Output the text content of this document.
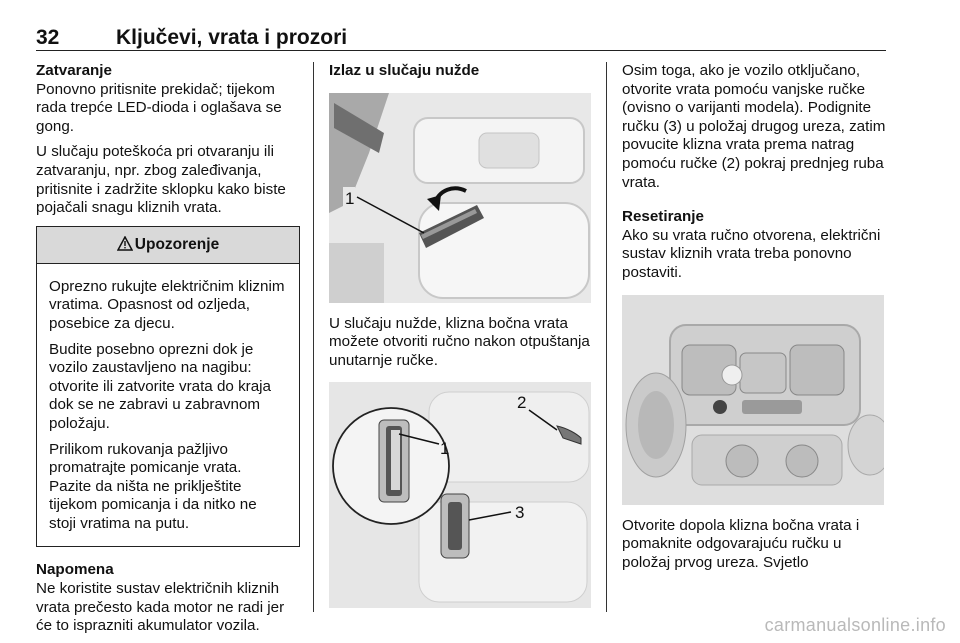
32	Ključevi, vrata i prozori
Zatvaranje

Ponovno pritisnite prekidač; tijekom rada trepće LED-dioda i oglašava se gong.

U slučaju poteškoća pri otvaranju ili zatvaranju, npr. zbog zaleđivanja, pritisnite i zadržite sklopku kako biste pojačali snagu kliznih vrata.

Upozorenje

Oprezno rukujte električnim kliznim vratima. Opasnost od ozljeda, posebice za djecu.

Budite posebno oprezni dok je vozilo zaustavljeno na nagibu: otvorite ili zatvorite vrata do kraja dok se ne zabravi u zabravnom položaju.

Prilikom rukovanja pažljivo promatrajte pomicanje vrata. Pazite da ništa ne priklještite tijekom pomicanja i da nitko ne stoji vratima na putu.

Napomena

Ne koristite sustav električnih kliznih vrata prečesto kada motor ne radi jer će to isprazniti akumulator vozila.

Izlaz u slučaju nužde
1

U slučaju nužde, klizna bočna vrata možete otvoriti ručno nakon otpuštanja unutarnje ručke.

1
2
3

Osim toga, ako je vozilo otključano, otvorite vrata pomoću vanjske ručke (ovisno o varijanti modela). Podignite ručku (3) u položaj drugog ureza, zatim povucite klizna vrata prema natrag pomoću ručke (2) pokraj prednjeg ruba vrata.

Resetiranje

Ako su vrata ručno otvorena, električni sustav kliznih vrata treba ponovno postaviti.

Otvorite dopola klizna bočna vrata i pomaknite odgovarajuću ručku u položaj prvog ureza. Svjetlo

carmanualsonline.info
